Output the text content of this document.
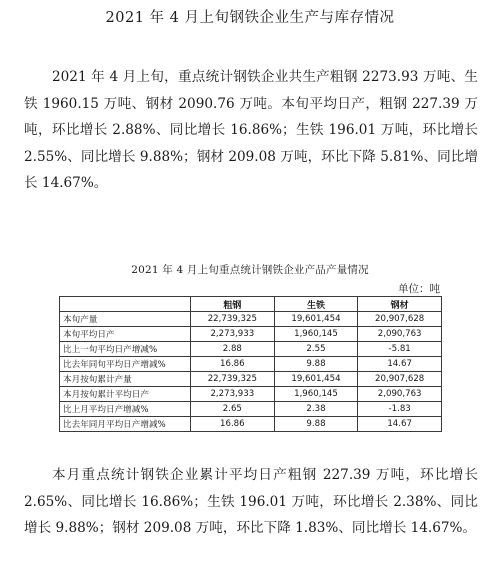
2021 年 4 月上旬钢铁企业生产与库存情况
2021 年 4 月上旬，重点统计钢铁企业共生产粗钢 2273.93 万吨、生铁 1960.15 万吨、钢材 2090.76 万吨。本旬平均日产，粗钢 227.39 万吨，环比增长 2.88%、同比增长 16.86%；生铁 196.01 万吨，环比增长 2.55%、同比增长 9.88%；钢材 209.08 万吨，环比下降 5.81%、同比增长 14.67%。
2021 年 4 月上旬重点统计钢铁企业产品产量情况
单位：吨
	粗钢	生铁	钢材
本旬产量	22,739,325	19,601,454	20,907,628
本旬平均日产	2,273,933	1,960,145	2,090,763
比上一旬平均日产增减%	2.88	2.55	-5.81
比去年同旬平均日产增减%	16.86	9.88	14.67
本月按旬累计产量	22,739,325	19,601,454	20,907,628
本月按旬累计平均日产	2,273,933	1,960,145	2,090,763
比上月平均日产增减%	2.65	2.38	-1.83
比去年同月平均日产增减%	16.86	9.88	14.67
本月重点统计钢铁企业累计平均日产粗钢 227.39 万吨，环比增长 2.65%、同比增长 16.86%；生铁 196.01 万吨，环比增长 2.38%、同比增长 9.88%；钢材 209.08 万吨，环比下降 1.83%、同比增长 14.67%。
